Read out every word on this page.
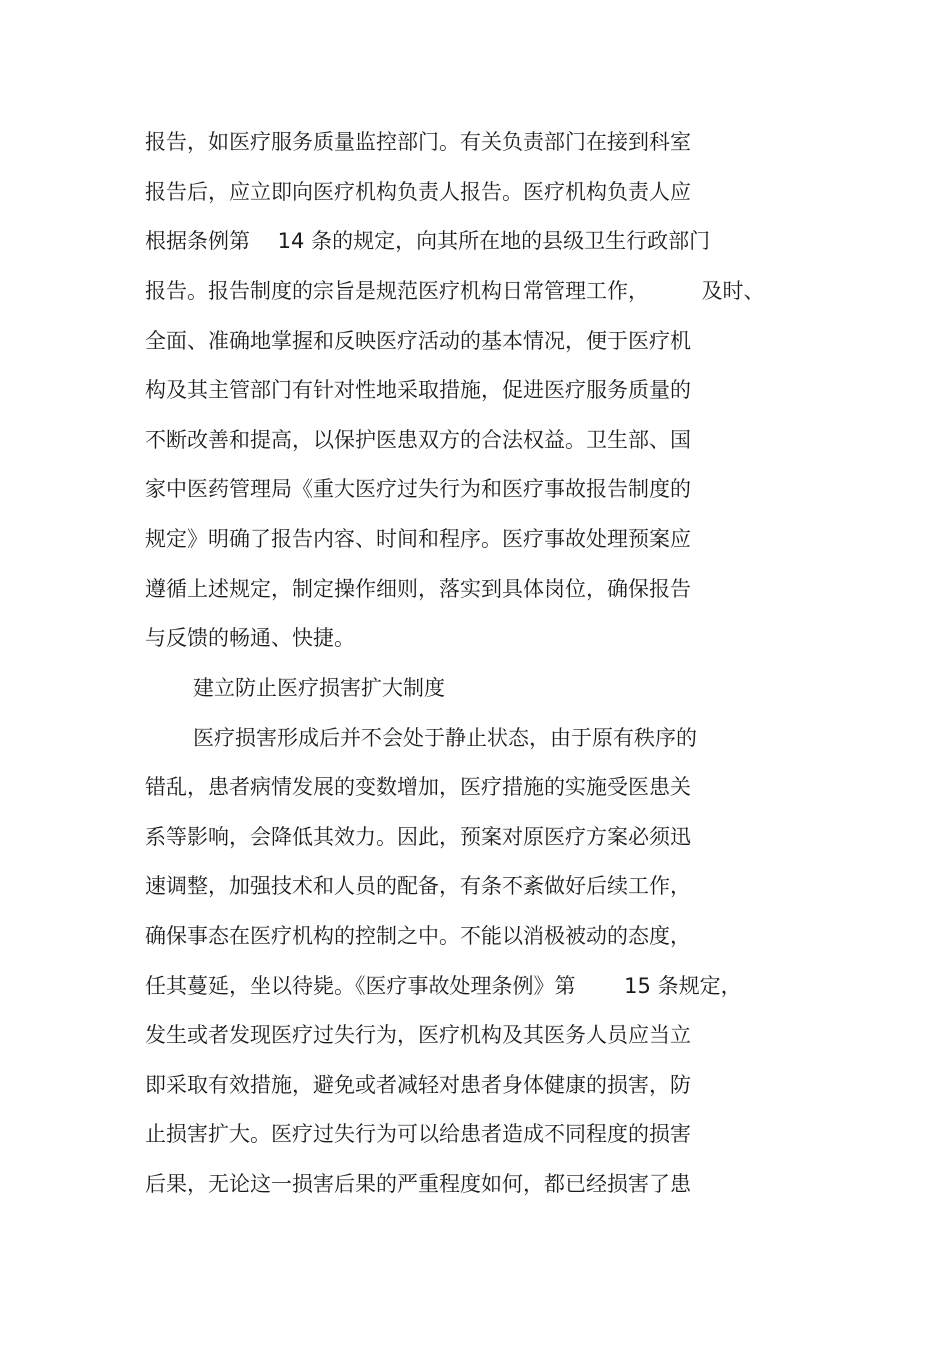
报告，如医疗服务质量监控部门。有关负责部门在接到科室
报告后，应立即向医疗机构负责人报告。医疗机构负责人应
根据条例第　 14 条的规定，向其所在地的县级卫生行政部门
报告。报告制度的宗旨是规范医疗机构日常管理工作，　　　及时、
全面、准确地掌握和反映医疗活动的基本情况，便于医疗机
构及其主管部门有针对性地采取措施，促进医疗服务质量的
不断改善和提高，以保护医患双方的合法权益。卫生部、国
家中医药管理局《重大医疗过失行为和医疗事故报告制度的
规定》明确了报告内容、时间和程序。医疗事故处理预案应
遵循上述规定，制定操作细则，落实到具体岗位，确保报告
与反馈的畅通、快捷。
建立防止医疗损害扩大制度
医疗损害形成后并不会处于静止状态，由于原有秩序的
错乱，患者病情发展的变数增加，医疗措施的实施受医患关
系等影响，会降低其效力。因此，预案对原医疗方案必须迅
速调整，加强技术和人员的配备，有条不紊做好后续工作，
确保事态在医疗机构的控制之中。不能以消极被动的态度，
任其蔓延，坐以待毙。《医疗事故处理条例》第　　 15 条规定，
发生或者发现医疗过失行为，医疗机构及其医务人员应当立
即采取有效措施，避免或者减轻对患者身体健康的损害，防
止损害扩大。医疗过失行为可以给患者造成不同程度的损害
后果，无论这一损害后果的严重程度如何，都已经损害了患
